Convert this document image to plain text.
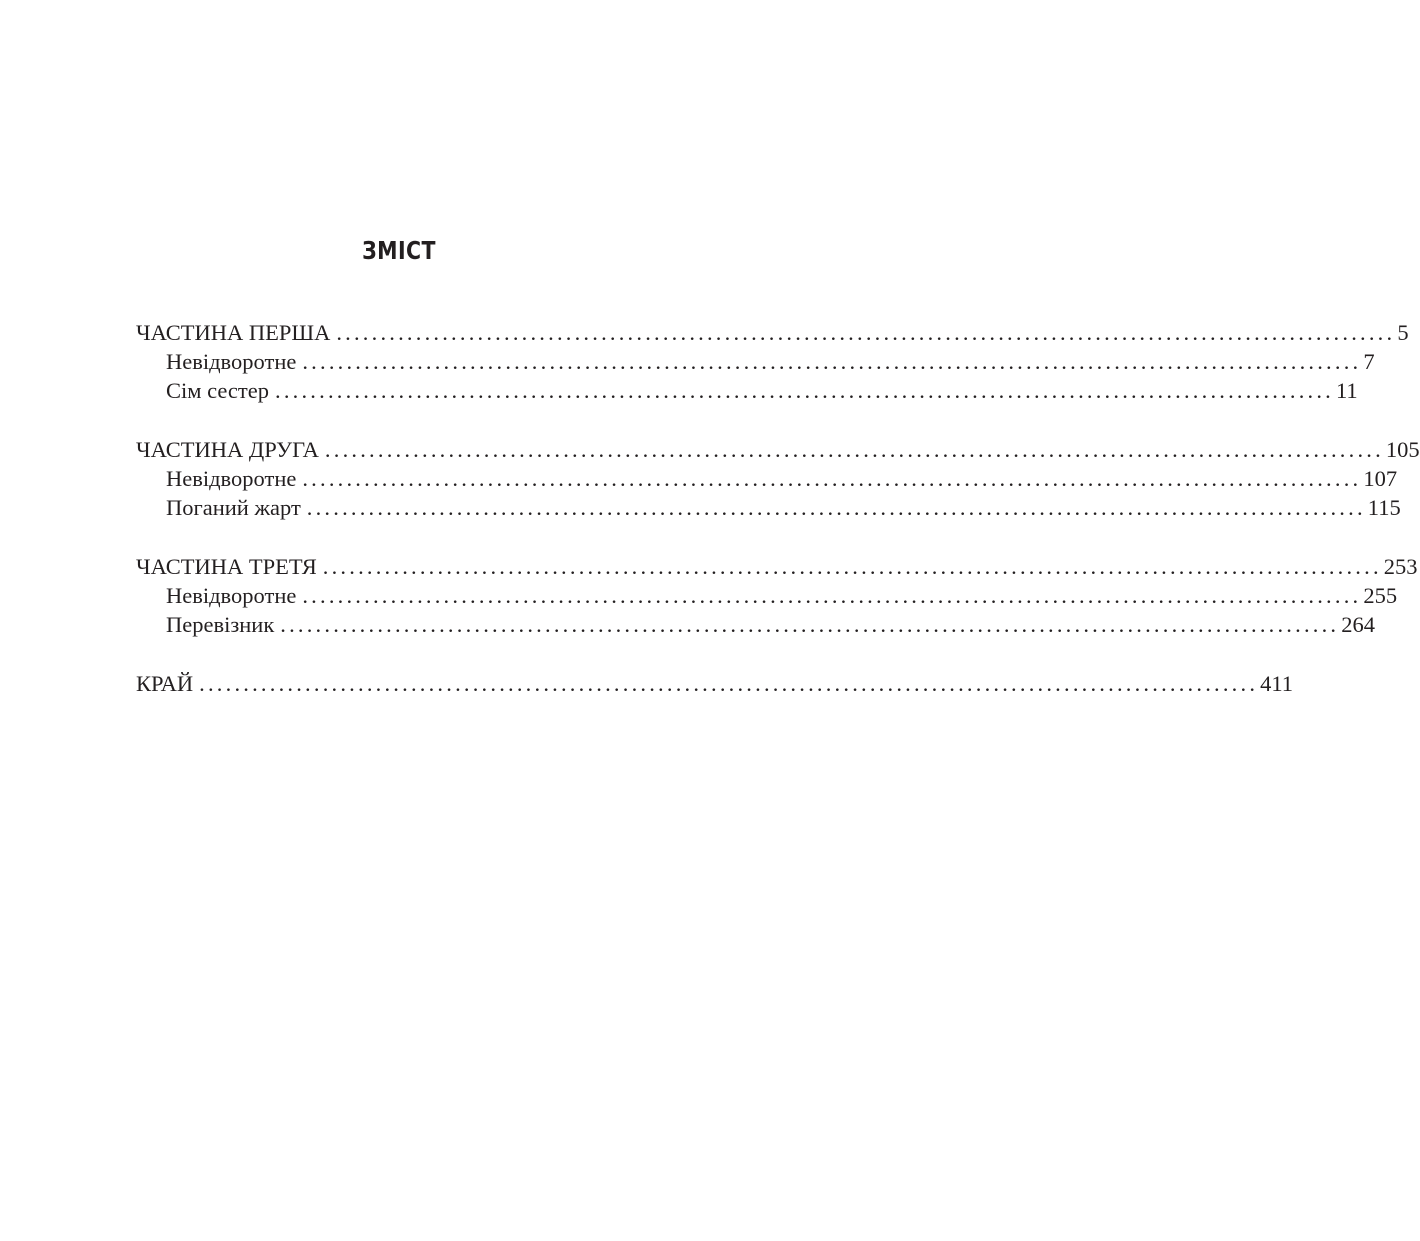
ЗМІСТ
ЧАСТИНА ПЕРША ........................................................................................................................ 5
Невідворотне ........................................................................................................................ 7
Сім сестер ........................................................................................................................ 11
ЧАСТИНА ДРУГА ........................................................................................................................ 105
Невідворотне ........................................................................................................................ 107
Поганий жарт ........................................................................................................................ 115
ЧАСТИНА ТРЕТЯ ........................................................................................................................ 253
Невідворотне ........................................................................................................................ 255
Перевізник ........................................................................................................................ 264
КРАЙ ........................................................................................................................ 411
